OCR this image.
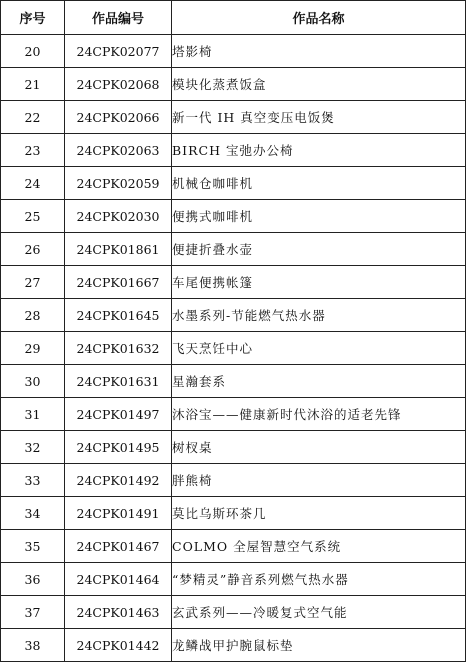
序号	作品编号	作品名称
20	24CPK02077	塔影椅
21	24CPK02068	模块化蒸煮饭盒
22	24CPK02066	新一代 IH 真空变压电饭煲
23	24CPK02063	BIRCH 宝弛办公椅
24	24CPK02059	机械仓咖啡机
25	24CPK02030	便携式咖啡机
26	24CPK01861	便捷折叠水壶
27	24CPK01667	车尾便携帐篷
28	24CPK01645	水墨系列-节能燃气热水器
29	24CPK01632	飞天烹饪中心
30	24CPK01631	星瀚套系
31	24CPK01497	沐浴宝——健康新时代沐浴的适老先锋
32	24CPK01495	树杈桌
33	24CPK01492	胖熊椅
34	24CPK01491	莫比乌斯环茶几
35	24CPK01467	COLMO 全屋智慧空气系统
36	24CPK01464	“梦精灵”静音系列燃气热水器
37	24CPK01463	玄武系列——冷暖复式空气能
38	24CPK01442	龙鳞战甲护腕鼠标垫
